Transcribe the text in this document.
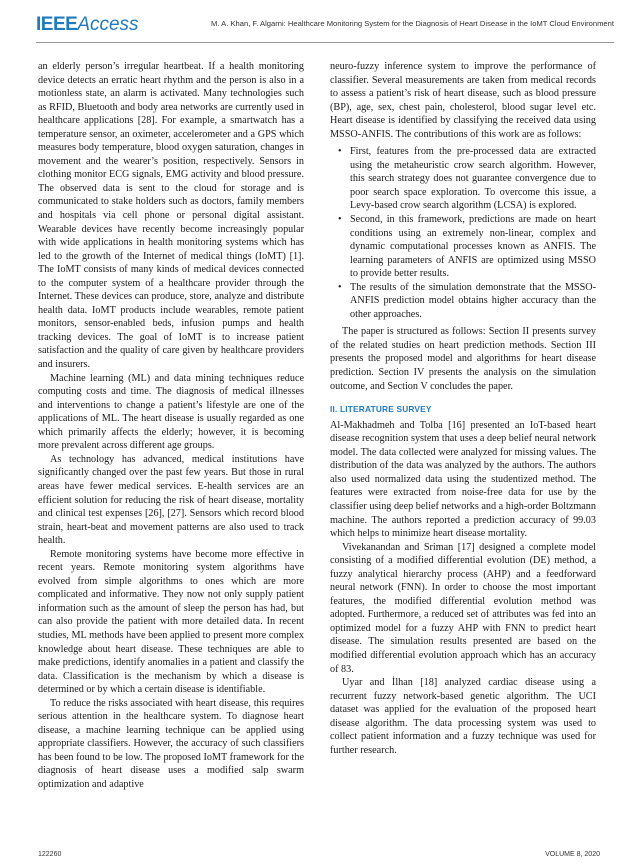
IEEEAccess	M. A. Khan, F. Algarni: Healthcare Monitoring System for the Diagnosis of Heart Disease in the IoMT Cloud Environment

an elderly person’s irregular heartbeat. If a health monitoring device detects an erratic heart rhythm and the person is also in a motionless state, an alarm is activated. Many technologies such as RFID, Bluetooth and body area networks are currently used in healthcare applications [28]. For example, a smartwatch has a temperature sensor, an oximeter, accelerometer and a GPS which measures body temperature, blood oxygen saturation, changes in movement and the wearer’s position, respectively. Sensors in clothing monitor ECG signals, EMG activity and blood pressure. The observed data is sent to the cloud for storage and is communicated to stake holders such as doctors, family members and hospitals via cell phone or personal digital assistant. Wearable devices have recently become increasingly popular with wide applications in health monitoring systems which has led to the growth of the Internet of medical things (IoMT) [1]. The IoMT consists of many kinds of medical devices connected to the computer system of a healthcare provider through the Internet. These devices can produce, store, analyze and distribute health data. IoMT products include wearables, remote patient monitors, sensor-enabled beds, infusion pumps and health tracking devices. The goal of IoMT is to increase patient satisfaction and the quality of care given by healthcare providers and insurers.

Machine learning (ML) and data mining techniques reduce computing costs and time. The diagnosis of medical illnesses and interventions to change a patient’s lifestyle are one of the applications of ML. The heart disease is usually regarded as one which primarily affects the elderly; however, it is becoming more prevalent across different age groups.

As technology has advanced, medical institutions have significantly changed over the past few years. But those in rural areas have fewer medical services. E-health services are an efficient solution for reducing the risk of heart disease, mortality and clinical test expenses [26], [27]. Sensors which record blood strain, heart-beat and movement patterns are also used to track health.

Remote monitoring systems have become more effective in recent years. Remote monitoring system algorithms have evolved from simple algorithms to ones which are more complicated and informative. They now not only supply patient information such as the amount of sleep the person has had, but can also provide the patient with more detailed data. In recent studies, ML methods have been applied to present more complex knowledge about heart disease. These techniques are able to make predictions, identify anomalies in a patient and classify the data. Classification is the mechanism by which a disease is determined or by which a certain disease is identifiable.

To reduce the risks associated with heart disease, this requires serious attention in the healthcare system. To diagnose heart disease, a machine learning technique can be applied using appropriate classifiers. However, the accuracy of such classifiers has been found to be low. The proposed IoMT framework for the diagnosis of heart disease uses a modified salp swarm optimization and adaptive

neuro-fuzzy inference system to improve the performance of classifier. Several measurements are taken from medical records to assess a patient’s risk of heart disease, such as blood pressure (BP), age, sex, chest pain, cholesterol, blood sugar level etc. Heart disease is identified by classifying the received data using MSSO-ANFIS. The contributions of this work are as follows:

• First, features from the pre-processed data are extracted using the metaheuristic crow search algorithm. However, this search strategy does not guarantee convergence due to poor search space exploration. To overcome this issue, a Levy-based crow search algorithm (LCSA) is explored.
• Second, in this framework, predictions are made on heart conditions using an extremely non-linear, complex and dynamic computational processes known as ANFIS. The learning parameters of ANFIS are optimized using MSSO to provide better results.
• The results of the simulation demonstrate that the MSSO-ANFIS prediction model obtains higher accuracy than the other approaches.

The paper is structured as follows: Section II presents survey of the related studies on heart prediction methods. Section III presents the proposed model and algorithms for heart disease prediction. Section IV presents the analysis on the simulation outcome, and Section V concludes the paper.

II. LITERATURE SURVEY

Al-Makhadmeh and Tolba [16] presented an IoT-based heart disease recognition system that uses a deep belief neural network model. The data collected were analyzed for missing values. The distribution of the data was analyzed by the authors. The authors also used normalized data using the studentized method. The features were extracted from noise-free data for use by the classifier using deep belief networks and a high-order Boltzmann machine. The authors reported a prediction accuracy of 99.03 which helps to minimize heart disease mortality.

Vivekanandan and Sriman [17] designed a complete model consisting of a modified differential evolution (DE) method, a fuzzy analytical hierarchy process (AHP) and a feedforward neural network (FNN). In order to choose the most important features, the modified differential evolution method was adopted. Furthermore, a reduced set of attributes was fed into an optimized model for a fuzzy AHP with FNN to predict heart disease. The simulation results presented are based on the modified differential evolution approach which has an accuracy of 83.

Uyar and İlhan [18] analyzed cardiac disease using a recurrent fuzzy network-based genetic algorithm. The UCI dataset was applied for the evaluation of the proposed heart disease algorithm. The data processing system was used to collect patient information and a fuzzy technique was used for further research.

122260	VOLUME 8, 2020
